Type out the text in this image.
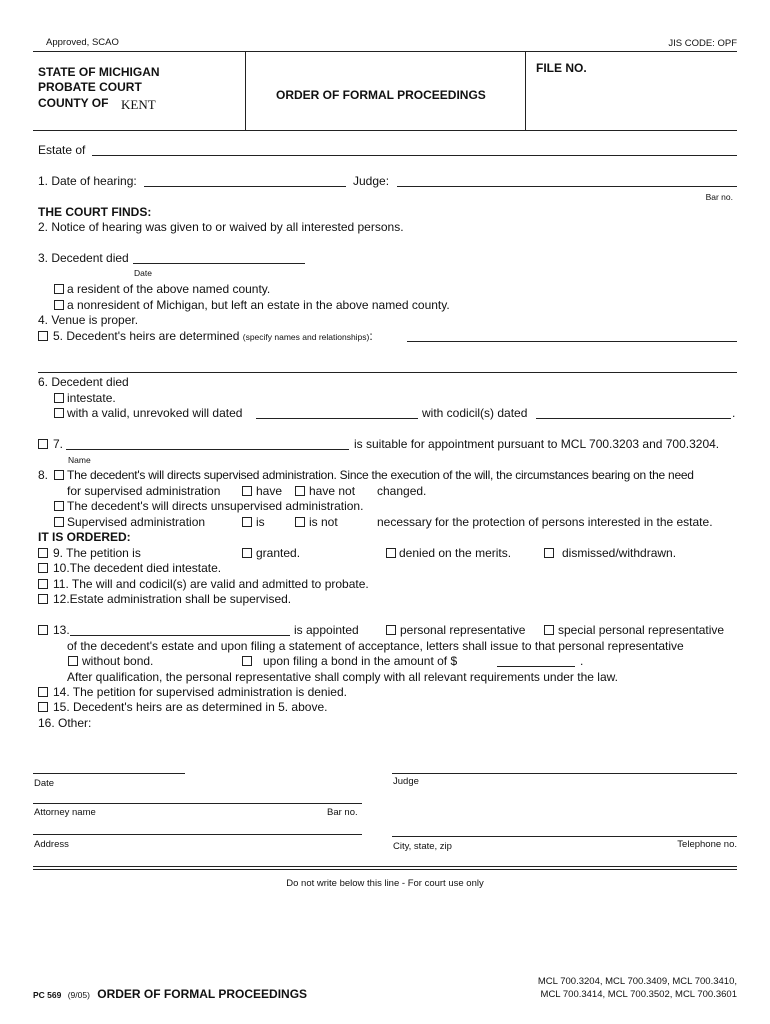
Approved, SCAO	JIS CODE: OPF
STATE OF MICHIGAN
PROBATE COURT
COUNTY OF KENT
ORDER OF FORMAL PROCEEDINGS
FILE NO.
Estate of
1. Date of hearing:	Judge:
Bar no.
THE COURT FINDS:
2. Notice of hearing was given to or waived by all interested persons.
3. Decedent died
Date
a resident of the above named county.
a nonresident of Michigan, but left an estate in the above named county.
4. Venue is proper.
5. Decedent's heirs are determined (specify names and relationships):
6. Decedent died
intestate.
with a valid, unrevoked will dated	with codicil(s) dated	.
7.	is suitable for appointment pursuant to MCL 700.3203 and 700.3204.
Name
8. The decedent's will directs supervised administration. Since the execution of the will, the circumstances bearing on the need
for supervised administration	have have not changed.
The decedent's will directs unsupervised administration.
Supervised administration	is	is not	necessary for the protection of persons interested in the estate.
IT IS ORDERED:
9. The petition is	granted.	denied on the merits.	dismissed/withdrawn.
10.The decedent died intestate.
11. The will and codicil(s) are valid and admitted to probate.
12.Estate administration shall be supervised.
13.	is appointed	personal representative	special personal representative
of the decedent's estate and upon filing a statement of acceptance, letters shall issue to that personal representative
without bond.	upon filing a bond in the amount of $	.
After qualification, the personal representative shall comply with all relevant requirements under the law.
14. The petition for supervised administration is denied.
15. Decedent's heirs are as determined in 5. above.
16. Other:
Date	Judge
Attorney name	Bar no.
Address	City, state, zip	Telephone no.
Do not write below this line - For court use only
PC 569 (9/05) ORDER OF FORMAL PROCEEDINGS
MCL 700.3204, MCL 700.3409, MCL 700.3410,
MCL 700.3414, MCL 700.3502, MCL 700.3601
